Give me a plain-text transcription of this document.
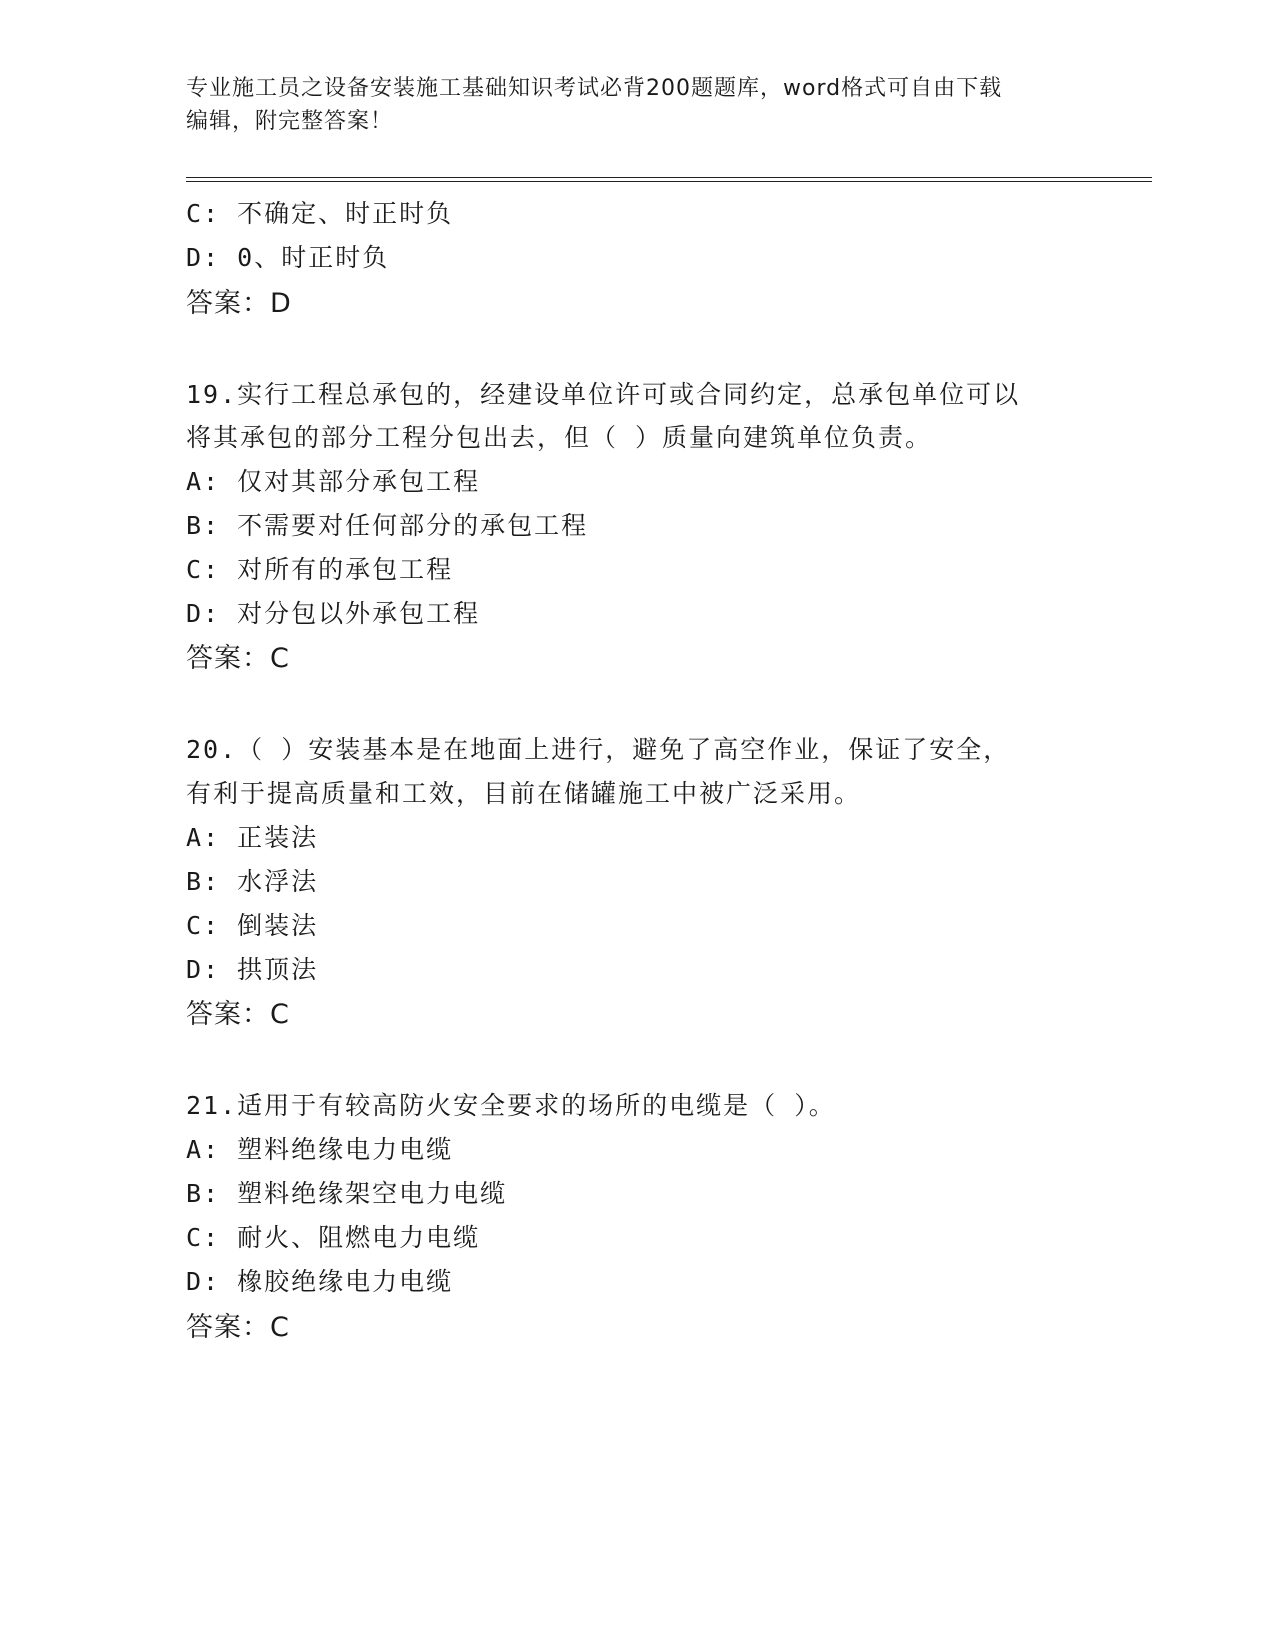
专业施工员之设备安装施工基础知识考试必背200题题库，word格式可自由下载
编辑，附完整答案！
C: 不确定、时正时负
D: 0、时正时负
答案：D
19.实行工程总承包的，经建设单位许可或合同约定，总承包单位可以
将其承包的部分工程分包出去，但（ ）质量向建筑单位负责。
A: 仅对其部分承包工程
B: 不需要对任何部分的承包工程
C: 对所有的承包工程
D: 对分包以外承包工程
答案：C
20.（ ）安装基本是在地面上进行，避免了高空作业，保证了安全，
有利于提高质量和工效，目前在储罐施工中被广泛采用。
A: 正装法
B: 水浮法
C: 倒装法
D: 拱顶法
答案：C
21.适用于有较高防火安全要求的场所的电缆是（ ）。
A: 塑料绝缘电力电缆
B: 塑料绝缘架空电力电缆
C: 耐火、阻燃电力电缆
D: 橡胶绝缘电力电缆
答案：C
